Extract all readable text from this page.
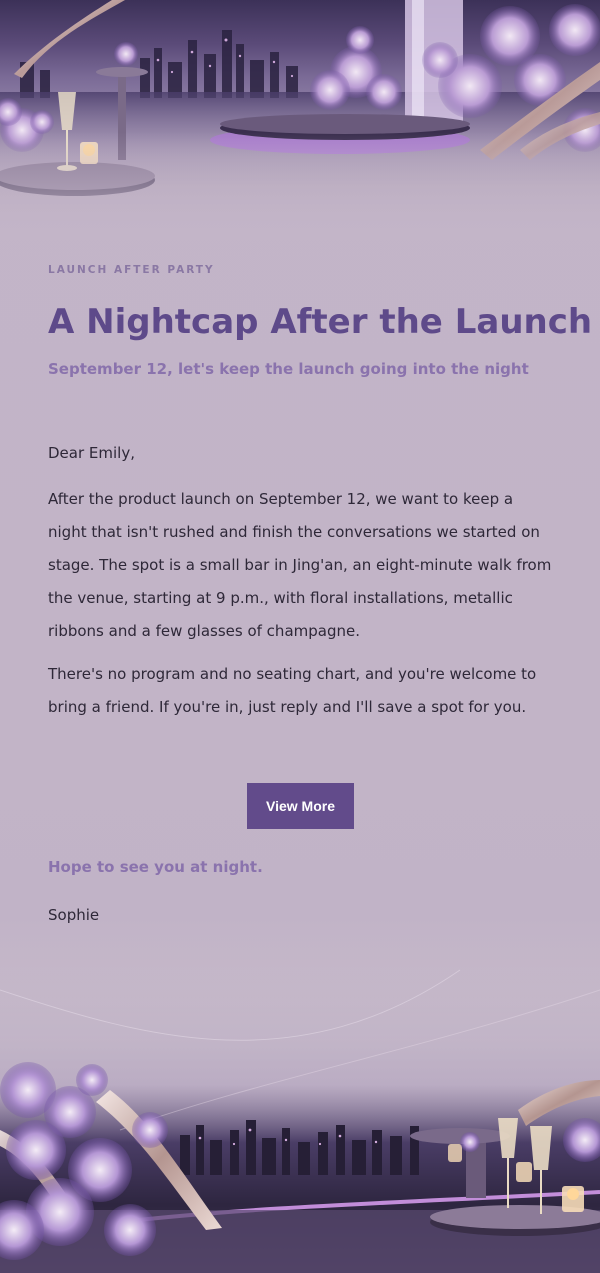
LAUNCH AFTER PARTY

A Nightcap After the Launch

September 12, let's keep the launch going into the night

Dear Emily,

After the product launch on September 12, we want to keep a night that isn't rushed and finish the conversations we started on stage. The spot is a small bar in Jing'an, an eight-minute walk from the venue, starting at 9 p.m., with floral installations, metallic ribbons and a few glasses of champagne.

There's no program and no seating chart, and you're welcome to bring a friend. If you're in, just reply and I'll save a spot for you.

View More

Hope to see you at night.

Sophie
